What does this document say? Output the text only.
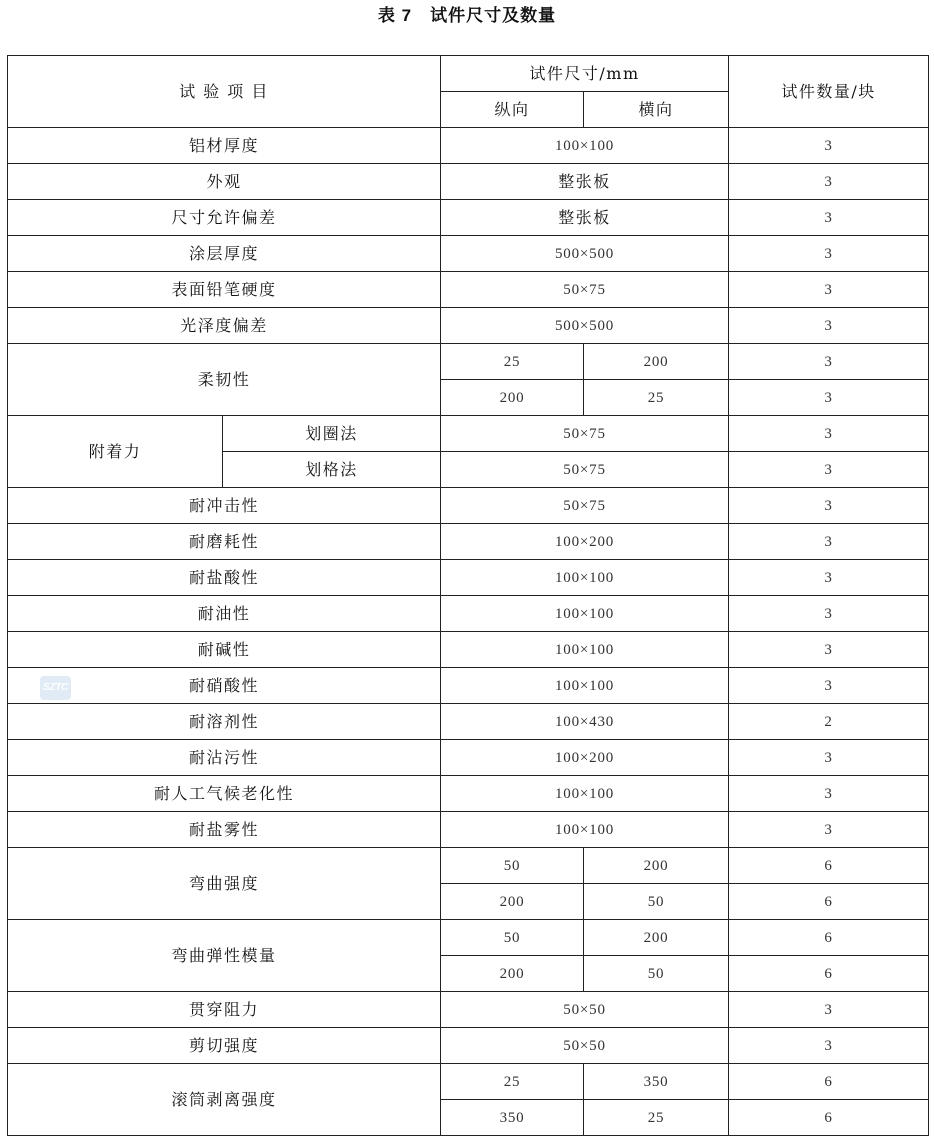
表 7　试件尺寸及数量
SZTC
试 验 项 目		试件尺寸/mm		试件数量/块
		纵向	横向	
铝材厚度		100×100		3
外观		整张板		3
尺寸允许偏差		整张板		3
涂层厚度		500×500		3
表面铅笔硬度		50×75		3
光泽度偏差		500×500		3
柔韧性		25	200	3
		200	25	3
附着力	划圈法	50×75		3
	划格法	50×75		3
耐冲击性		50×75		3
耐磨耗性		100×200		3
耐盐酸性		100×100		3
耐油性		100×100		3
耐碱性		100×100		3
耐硝酸性		100×100		3
耐溶剂性		100×430		2
耐沾污性		100×200		3
耐人工气候老化性		100×100		3
耐盐雾性		100×100		3
弯曲强度		50	200	6
		200	50	6
弯曲弹性模量		50	200	6
		200	50	6
贯穿阻力		50×50		3
剪切强度		50×50		3
滚筒剥离强度		25	350	6
		350	25	6
